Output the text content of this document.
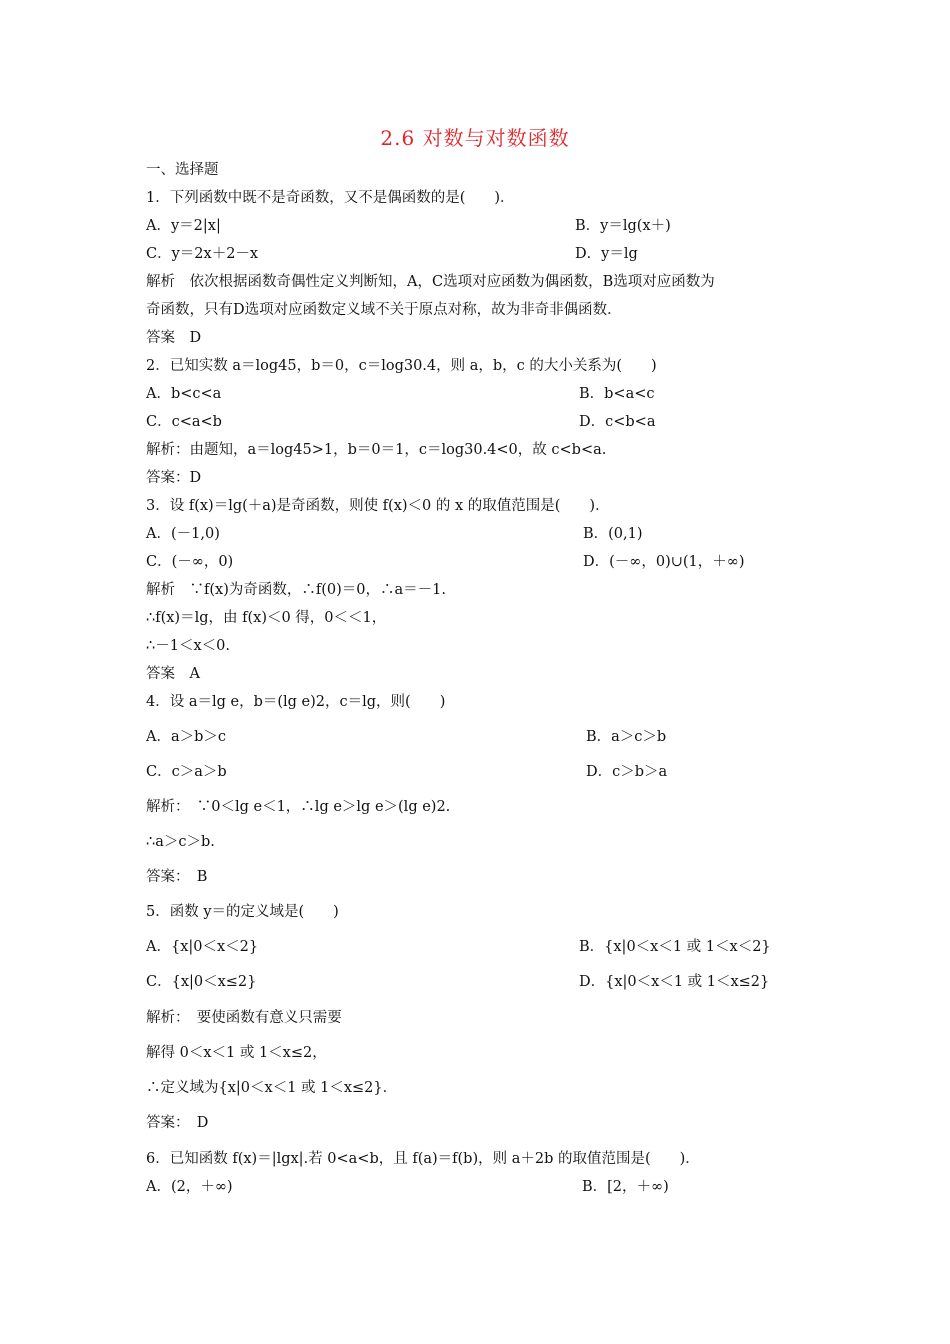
2.6 对数与对数函数
一、选择题
1．下列函数中既不是奇函数，又不是偶函数的是(　　)．
A．y＝2|x|	B．y＝lg(x＋)
C．y＝2x＋2－x	D．y＝lg
解析　依次根据函数奇偶性定义判断知，A，C选项对应函数为偶函数，B选项对应函数为
奇函数，只有D选项对应函数定义域不关于原点对称，故为非奇非偶函数．
答案　D
2．已知实数 a＝log45，b＝0，c＝log30.4，则 a，b，c 的大小关系为(　　)
A．b<c<a	B．b<a<c
C．c<a<b	D．c<b<a
解析：由题知，a＝log45>1，b＝0＝1，c＝log30.4<0，故 c<b<a.
答案：D
3．设 f(x)＝lg(＋a)是奇函数，则使 f(x)＜0 的 x 的取值范围是(　　)．
A．(－1,0)	B．(0,1)
C．(－∞，0)	D．(－∞，0)∪(1，＋∞)
解析　∵f(x)为奇函数，∴f(0)＝0，∴a＝－1.
∴f(x)＝lg，由 f(x)＜0 得，0＜＜1，
∴－1＜x＜0.
答案　A
4．设 a＝lg e，b＝(lg e)2，c＝lg，则(　　)
A．a＞b＞c	B．a＞c＞b
C．c＞a＞b	D．c＞b＞a
解析：　∵0＜lg e＜1，∴lg e＞lg e＞(lg e)2.
∴a＞c＞b.
答案：　B
5．函数 y＝的定义域是(　　)
A．{x|0＜x＜2}	B．{x|0＜x＜1 或 1＜x＜2}
C．{x|0＜x≤2}	D．{x|0＜x＜1 或 1＜x≤2}
解析：　要使函数有意义只需要
解得 0＜x＜1 或 1＜x≤2，
∴定义域为{x|0＜x＜1 或 1＜x≤2}．
答案：　D
6．已知函数 f(x)＝|lgx|.若 0<a<b，且 f(a)＝f(b)，则 a＋2b 的取值范围是(　　)．
A．(2，＋∞)	B．[2，＋∞)
